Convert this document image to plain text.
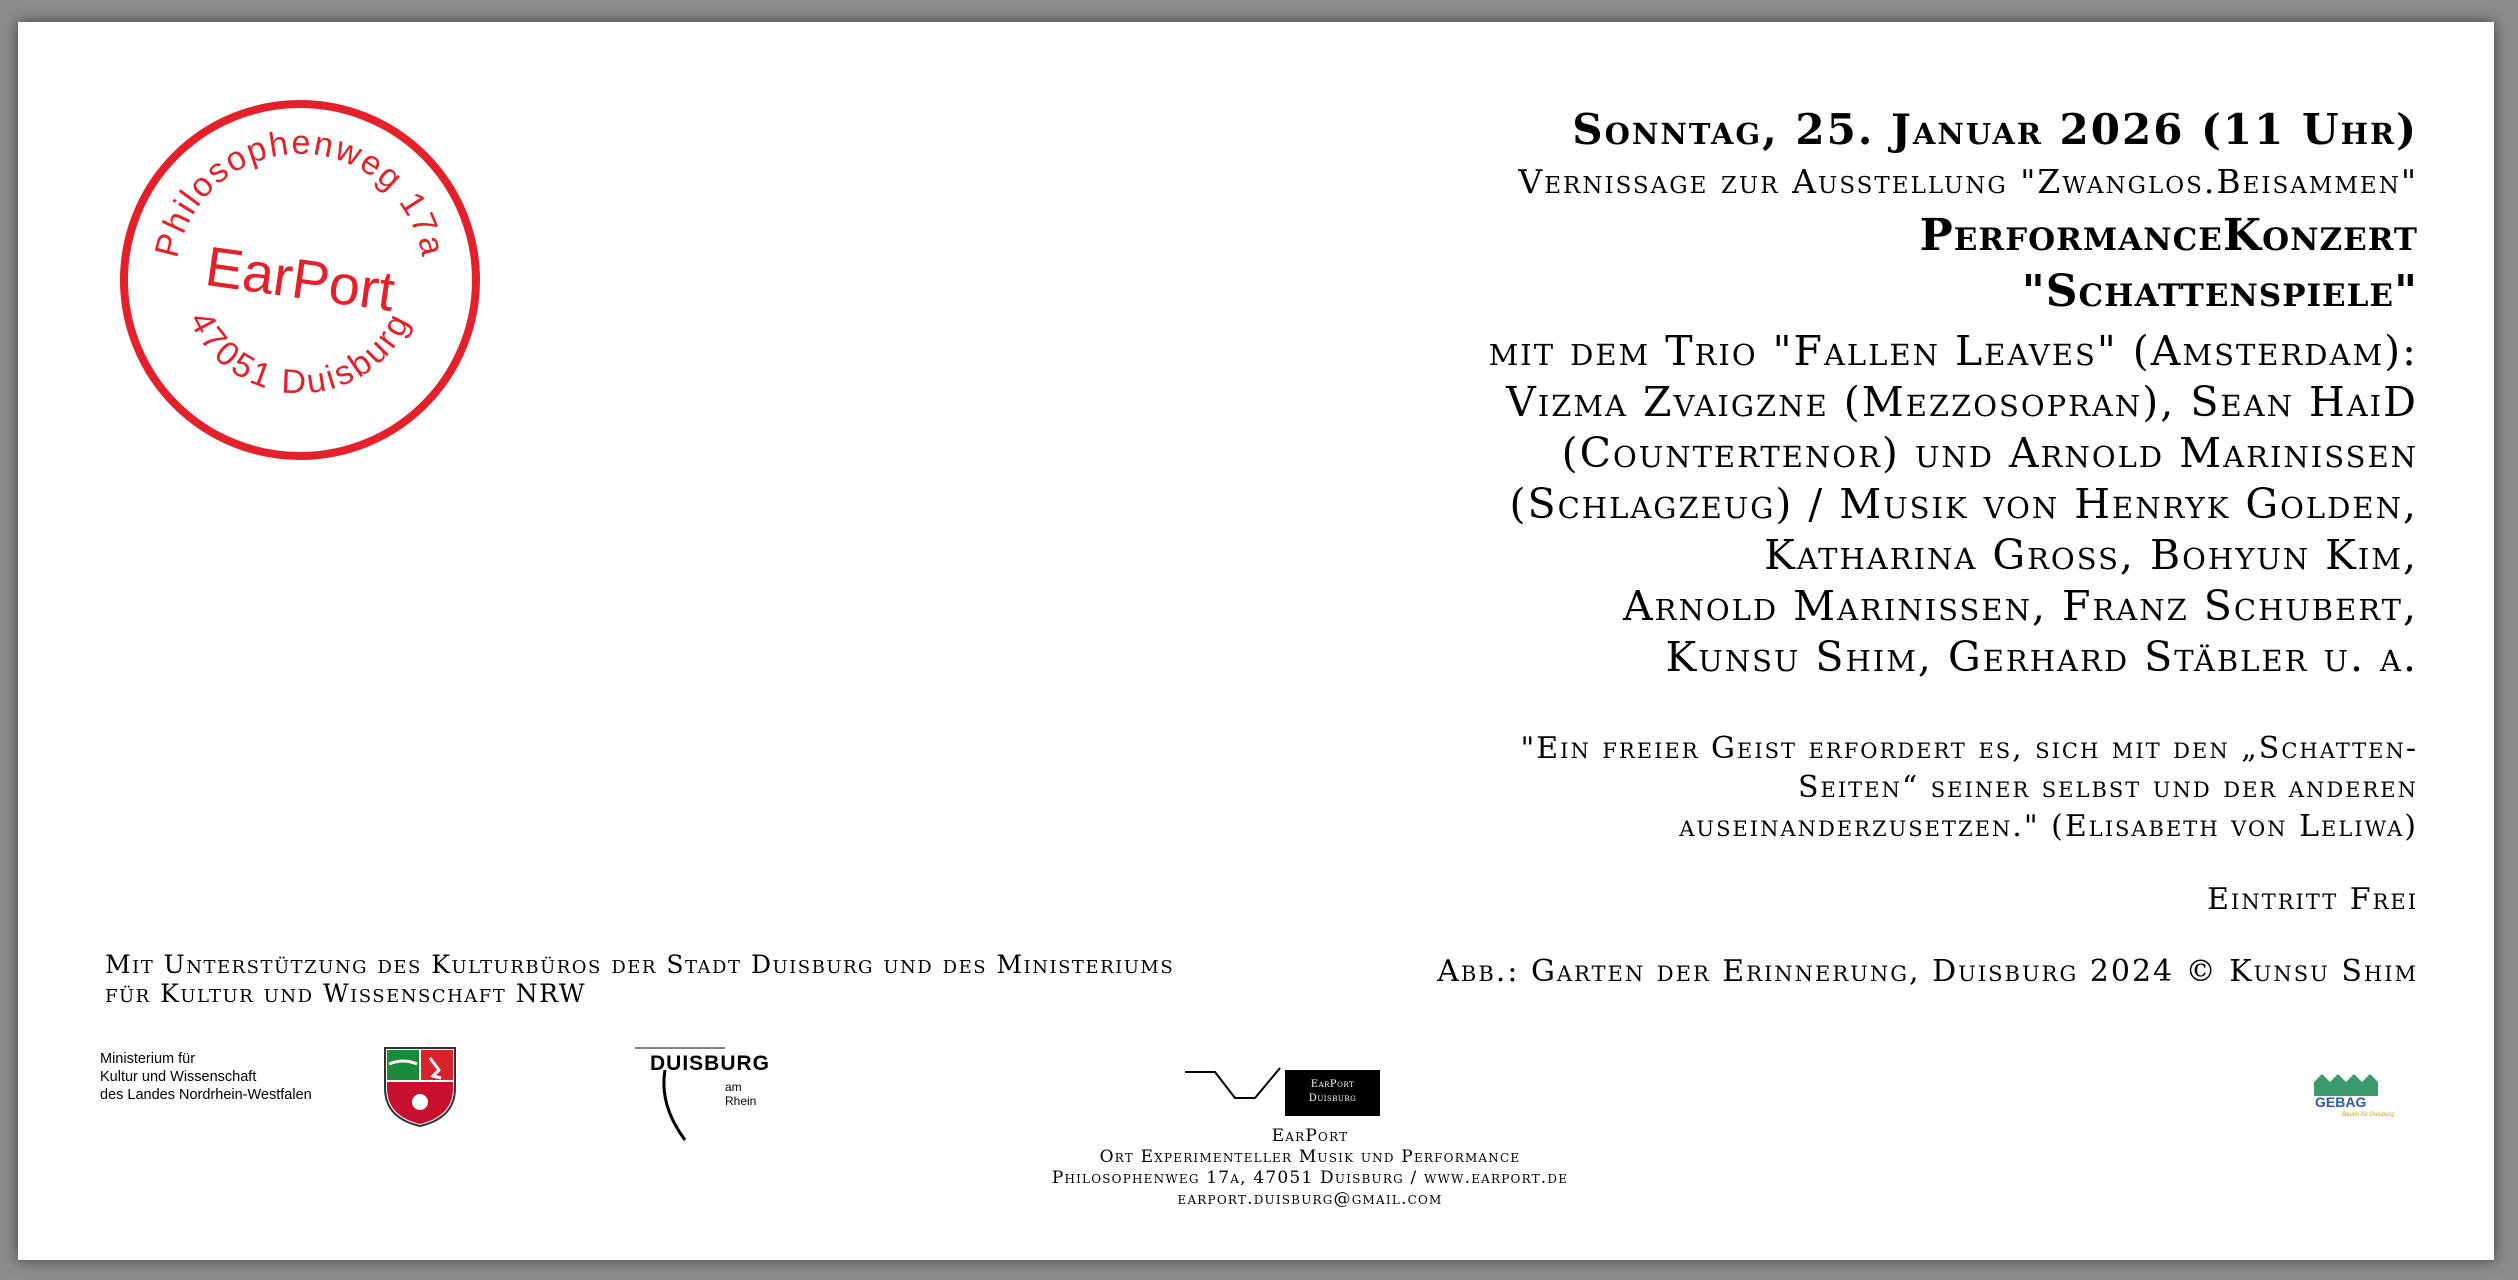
Philosophenweg 17a
47051 Duisburg
EarPort
Sonntag, 25. Januar 2026 (11 Uhr)
Vernissage zur Ausstellung "Zwanglos.Beisammen"
PerformanceKonzert
"Schattenspiele"
mit dem Trio "Fallen Leaves" (Amsterdam):
Vizma Zvaigzne (Mezzosopran), Sean HaiD
(Countertenor) und Arnold Marinissen
(Schlagzeug) / Musik von Henryk Golden,
Katharina Gross, Bohyun Kim,
Arnold Marinissen, Franz Schubert,
Kunsu Shim, Gerhard Stäbler u. a.
"Ein freier Geist erfordert es, sich mit den „Schatten-
Seiten“ seiner selbst und der anderen
auseinanderzusetzen." (Elisabeth von Leliwa)
Eintritt Frei
Abb.: Garten der Erinnerung, Duisburg 2024 © Kunsu Shim
Mit Unterstützung des Kulturbüros der Stadt Duisburg und des Ministeriums
für Kultur und Wissenschaft NRW
Ministerium für
Kultur und Wissenschaft
des Landes Nordrhein-Westfalen
DUISBURG
am Rhein
EarPort
Duisburg
EarPort
Ort Experimenteller Musik und Performance
Philosophenweg 17a, 47051 Duisburg / www.earport.de
earport.duisburg@gmail.com
GEBAG
Bauen für Duisburg
